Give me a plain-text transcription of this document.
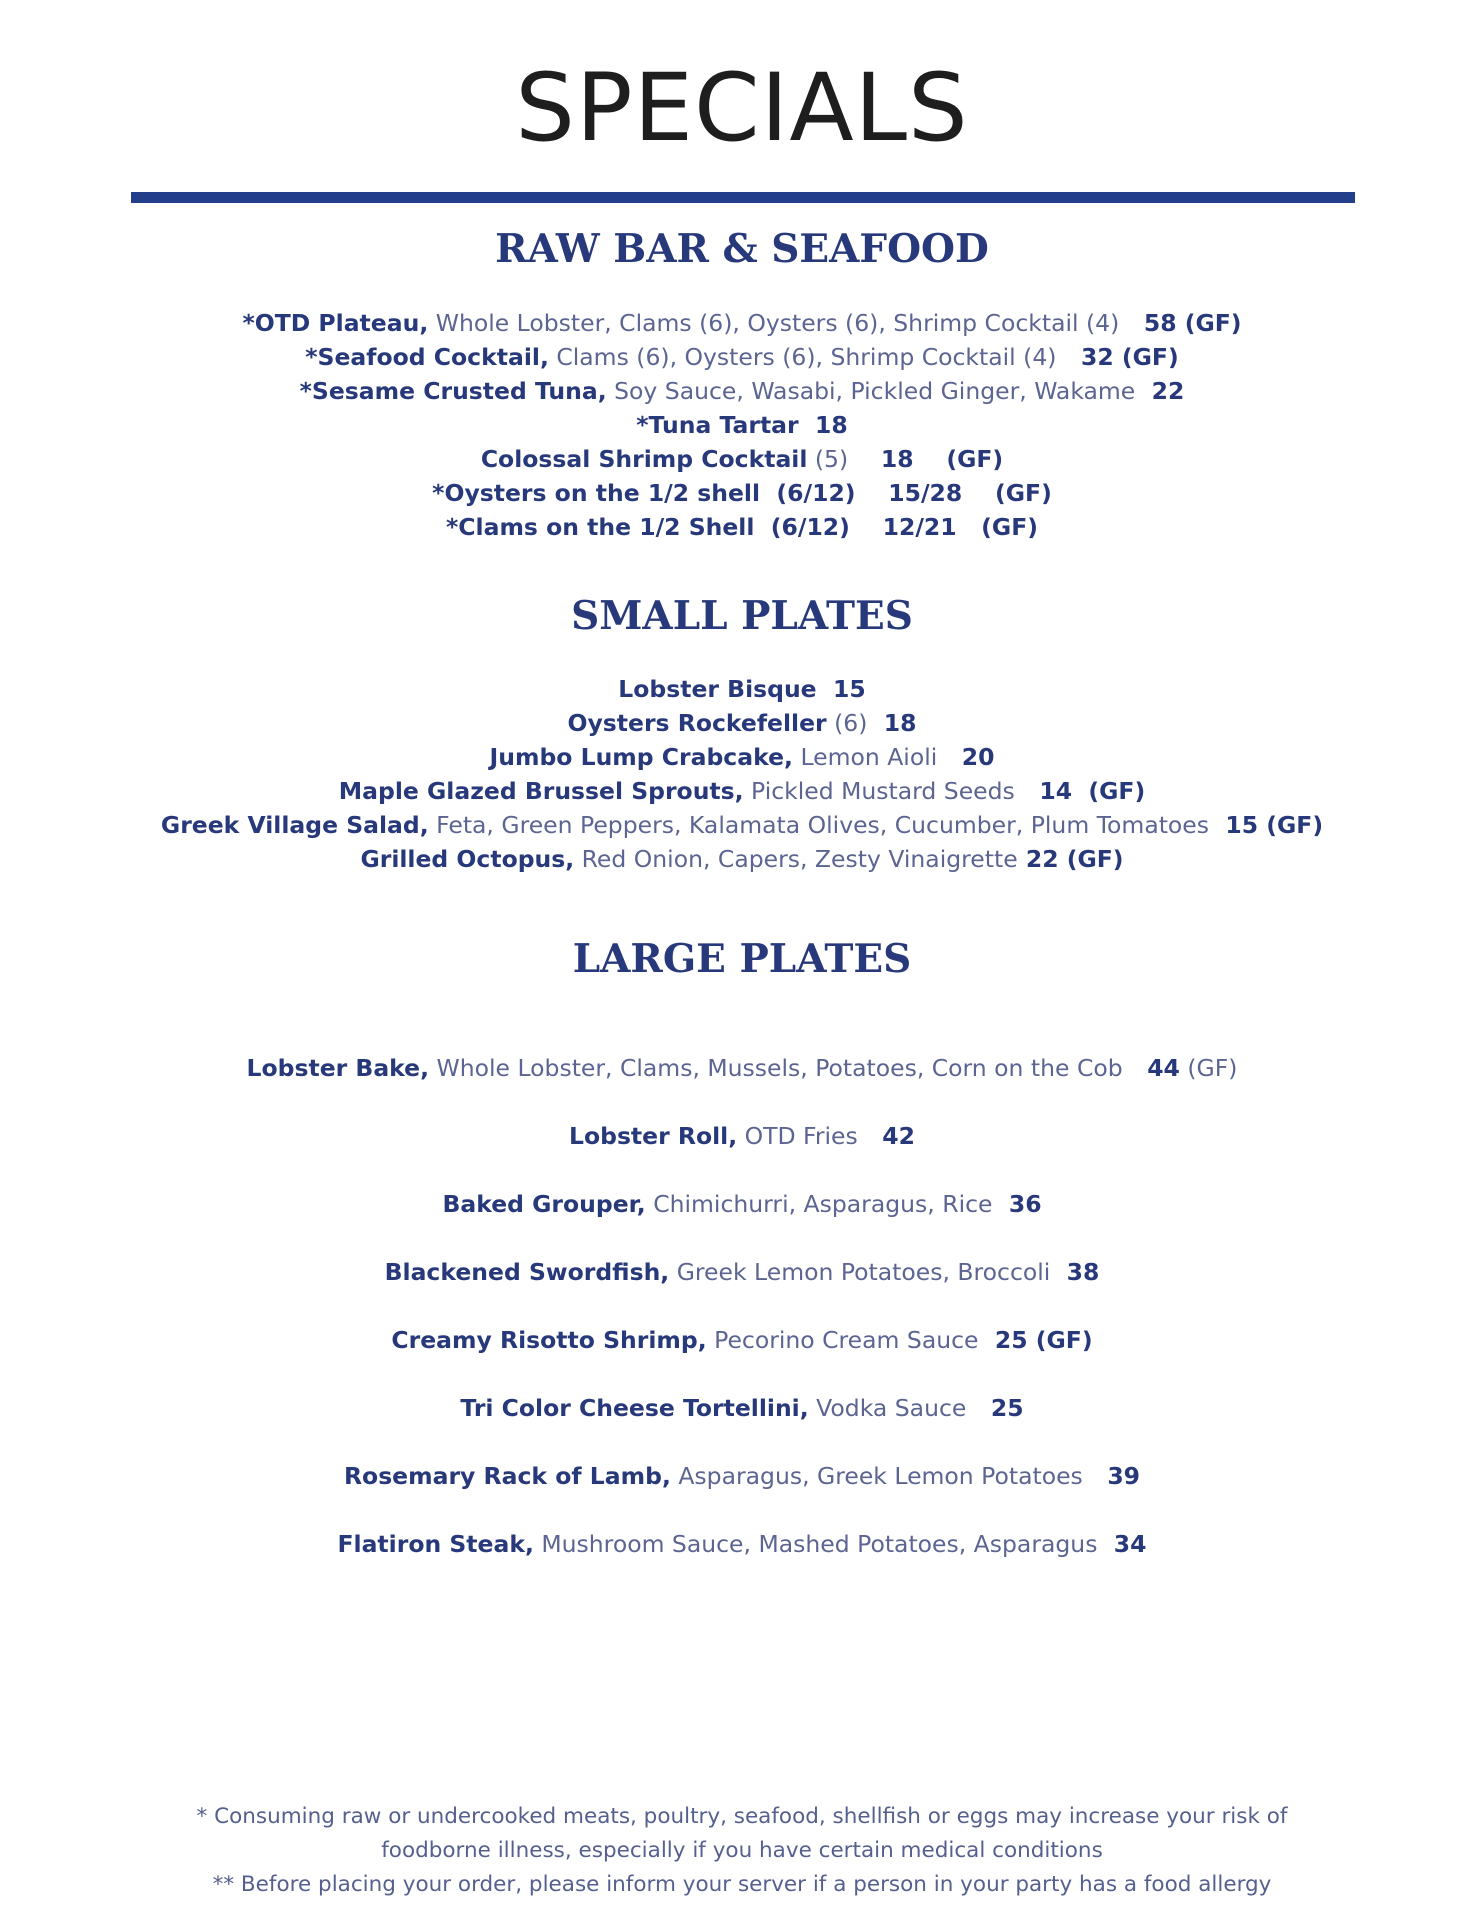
SPECIALS
RAW BAR & SEAFOOD
*OTD Plateau, Whole Lobster, Clams (6), Oysters (6), Shrimp Cocktail (4)   58 (GF)
*Seafood Cocktail, Clams (6), Oysters (6), Shrimp Cocktail (4)   32 (GF)
*Sesame Crusted Tuna, Soy Sauce, Wasabi, Pickled Ginger, Wakame  22
*Tuna Tartar  18
Colossal Shrimp Cocktail (5)    18    (GF)
*Oysters on the 1/2 shell  (6/12)    15/28    (GF)
*Clams on the 1/2 Shell  (6/12)    12/21   (GF)
SMALL PLATES
Lobster Bisque  15
Oysters Rockefeller (6)  18
Jumbo Lump Crabcake, Lemon Aioli   20
Maple Glazed Brussel Sprouts, Pickled Mustard Seeds   14  (GF)
Greek Village Salad, Feta, Green Peppers, Kalamata Olives, Cucumber, Plum Tomatoes  15 (GF)
Grilled Octopus, Red Onion, Capers, Zesty Vinaigrette 22 (GF)
LARGE PLATES
Lobster Bake, Whole Lobster, Clams, Mussels, Potatoes, Corn on the Cob   44 (GF)
Lobster Roll, OTD Fries   42
Baked Grouper, Chimichurri, Asparagus, Rice  36
Blackened Swordfish, Greek Lemon Potatoes, Broccoli  38
Creamy Risotto Shrimp, Pecorino Cream Sauce  25 (GF)
Tri Color Cheese Tortellini, Vodka Sauce   25
Rosemary Rack of Lamb, Asparagus, Greek Lemon Potatoes   39
Flatiron Steak, Mushroom Sauce, Mashed Potatoes, Asparagus  34
* Consuming raw or undercooked meats, poultry, seafood, shellfish or eggs may increase your risk of
foodborne illness, especially if you have certain medical conditions
** Before placing your order, please inform your server if a person in your party has a food allergy
